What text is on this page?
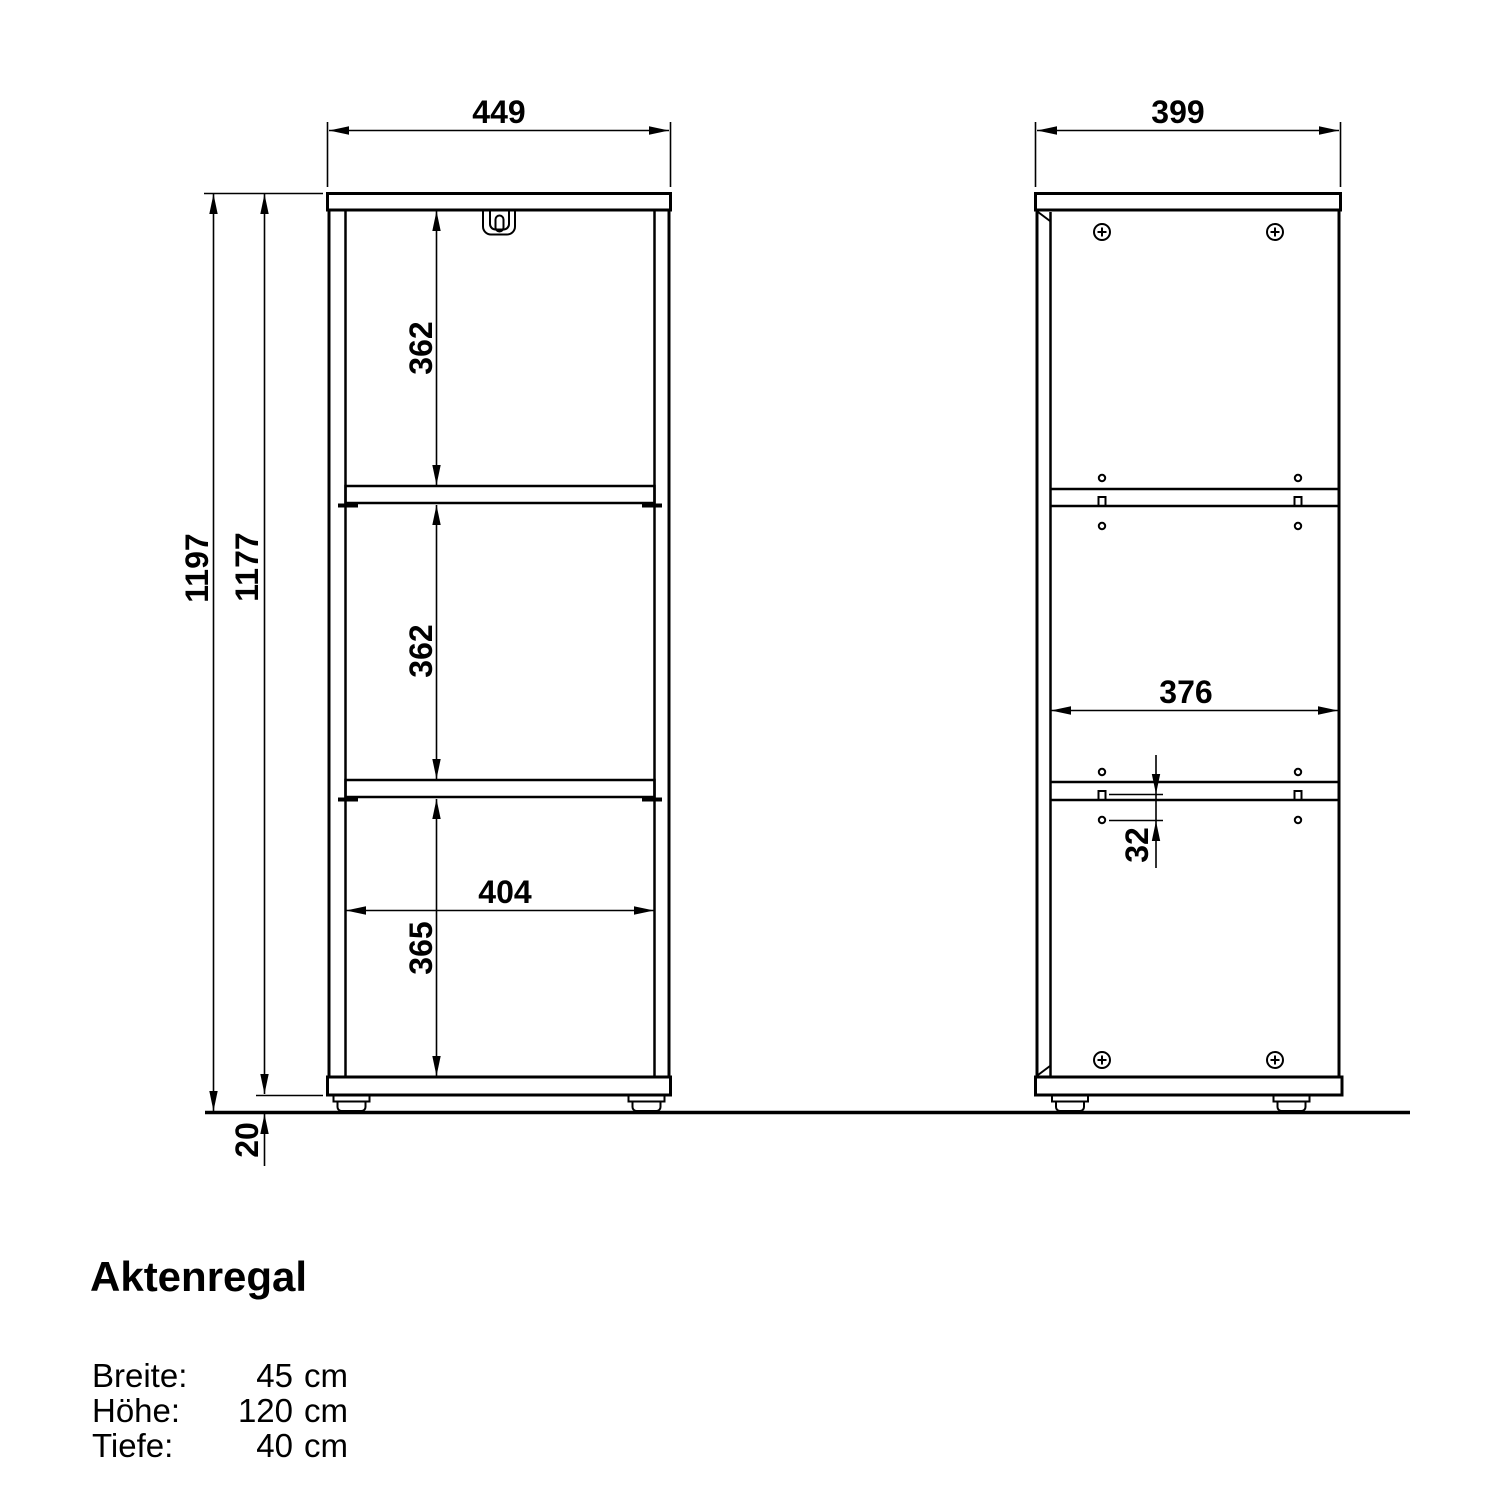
449
1197 1177
20
362
362
365
404
399
376
32
Aktenregal
Breite: 45 cm
Höhe: 120 cm
Tiefe:	40 cm
